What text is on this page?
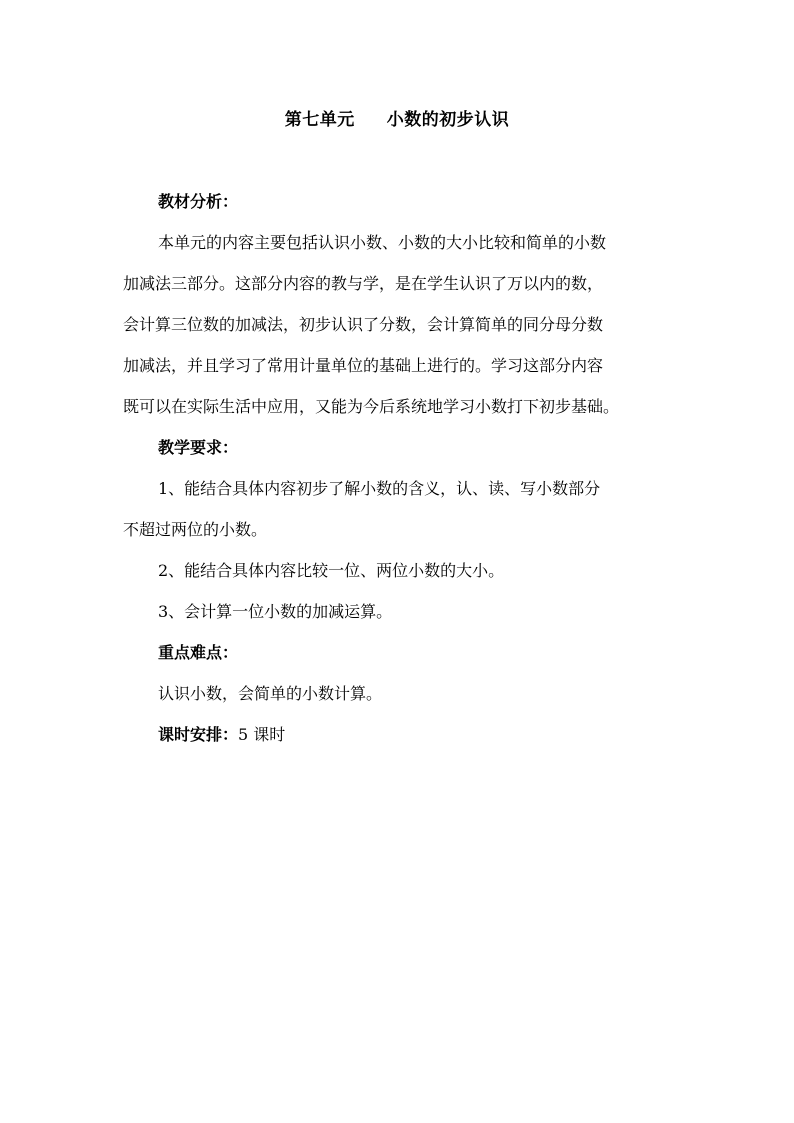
第七单元     小数的初步认识
教材分析：
本单元的内容主要包括认识小数、小数的大小比较和简单的小数
加减法三部分。这部分内容的教与学，是在学生认识了万以内的数，
会计算三位数的加减法，初步认识了分数，会计算简单的同分母分数
加减法，并且学习了常用计量单位的基础上进行的。学习这部分内容
既可以在实际生活中应用，又能为今后系统地学习小数打下初步基础。
教学要求：
1、能结合具体内容初步了解小数的含义，认、读、写小数部分
不超过两位的小数。
2、能结合具体内容比较一位、两位小数的大小。
3、会计算一位小数的加减运算。
重点难点：
认识小数，会简单的小数计算。
课时安排：5 课时
